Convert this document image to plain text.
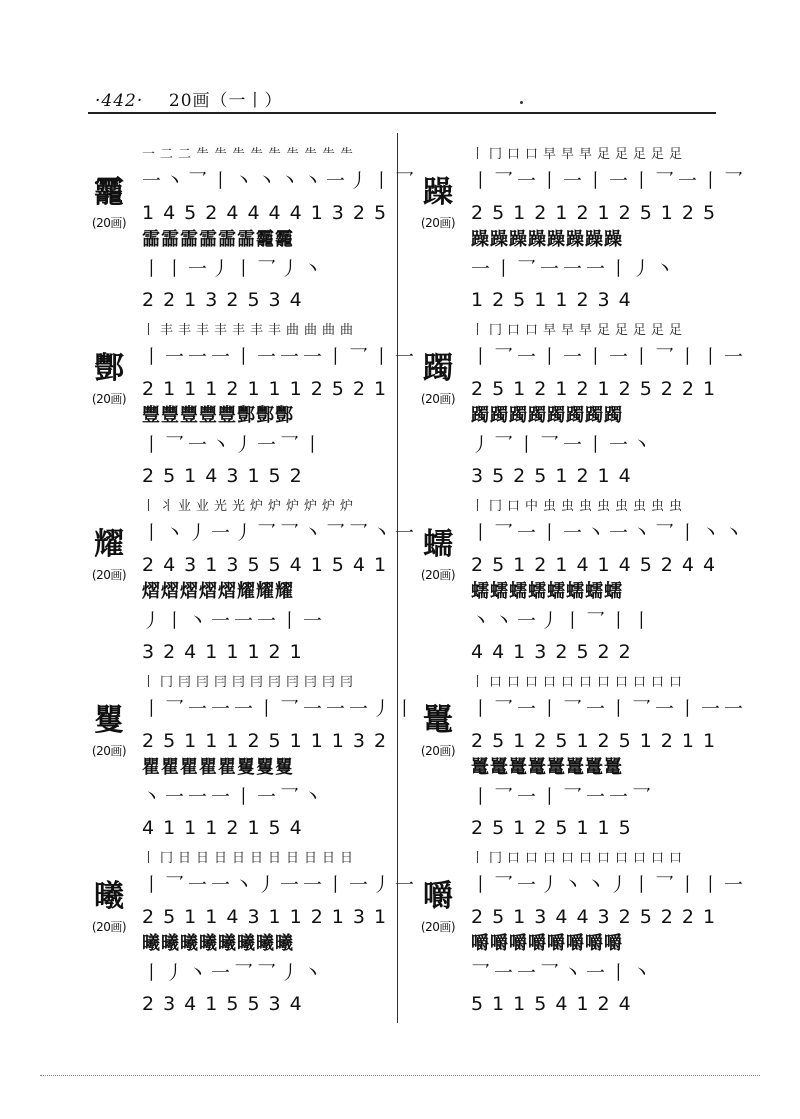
·442· 20画（一丨）
龗
(20画)
⼀⼆⼆⺧⺧⺧⺧⺧⺧⺧⺧⺧
一丶乛丨丶丶丶丶一丿丨乛
145244441325
霝霝霝霝霝霝龗龗
丨丨一丿丨乛丿丶
22132534
酆
(20画)
丨丰丰丰丰丰丰丰曲曲曲曲
丨一一一丨一一一丨乛丨一
211121112521
豐豐豐豐豐酆酆酆
丨乛一丶丿一乛丨
25143152
耀
(20画)
丨丬业业光光炉炉炉炉炉炉
丨丶丿一丿乛乛丶乛乛丶一
243135541541
熠熠熠熠熠耀耀耀
丿丨丶一一一丨一
32411121
矍
(20画)
丨冂冃冃冃冃冃冃冃冃冃冃
丨乛一一一丨乛一一一丿丨
251112511132
瞿瞿瞿瞿瞿矍矍矍
丶一一一丨一乛丶
41112154
曦
(20画)
丨冂日日日日日日日日日日
丨乛一一丶丿一一丨一丿一
251143112131
曦曦曦曦曦曦曦曦
丨丿丶一乛乛丿丶
23415534
躁
(20画)
丨冂口口早早早足足足足足
丨乛一丨一丨一丨乛一丨乛
251212125125
躁躁躁躁躁躁躁躁
一丨乛一一一丨丿丶
12511234
躅
(20画)
丨冂口口早早早足足足足足
丨乛一丨一丨一丨乛丨丨一
251212125221
躅躅躅躅躅躅躅躅
丿乛丨乛一丨一丶
35251214
蠕
(20画)
丨冂口中虫虫虫虫虫虫虫虫
丨乛一丨一丶一丶乛丨丶丶
251214145244
蠕蠕蠕蠕蠕蠕蠕蠕
丶丶一丿丨乛丨丨
44132522
鼍
(20画)
丨口口口口口口口口口口口
丨乛一丨乛一丨乛一丨一一
251251251211
鼍鼍鼍鼍鼍鼍鼍鼍
丨乛一丨乛一一乛
25125115
嚼
(20画)
丨冂口口口口口口口口口口
丨乛一丿丶丶丿丨乛丨丨一
251344325221
嚼嚼嚼嚼嚼嚼嚼嚼
乛一一乛丶一丨丶
51154124
